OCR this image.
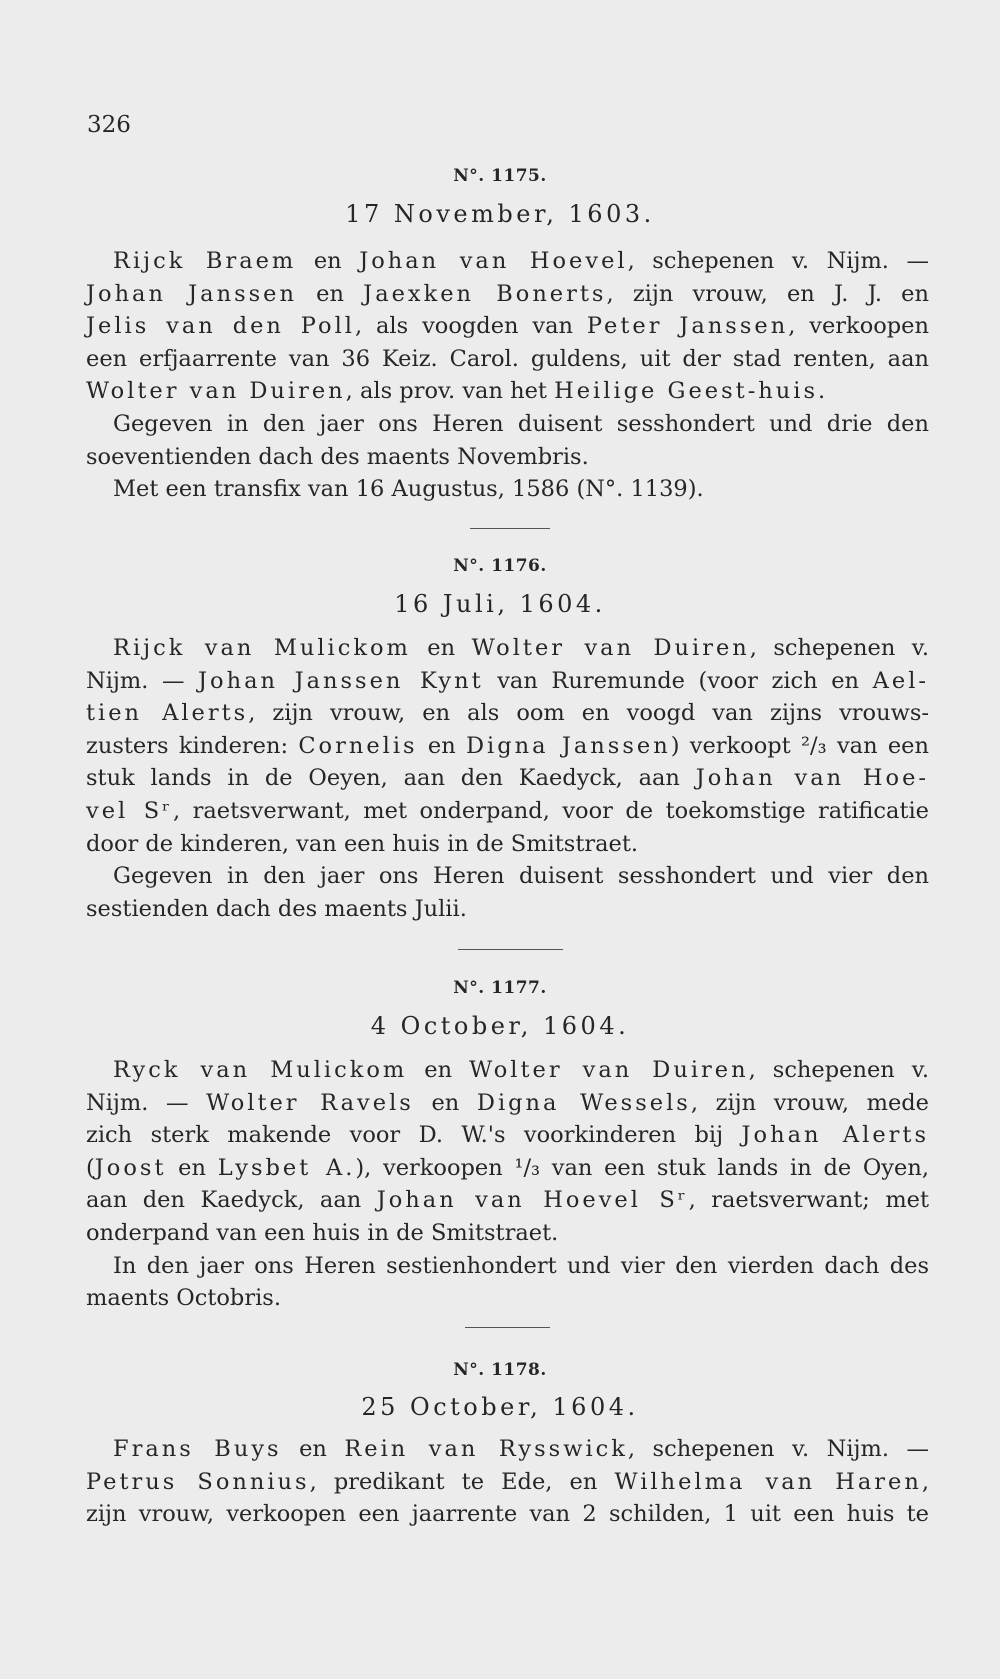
326
N°. 1175.
17 November, 1603.
Rijck Braem en Johan van Hoevel, schepenen v. Nijm. —
Johan Janssen en Jaexken Bonerts, zijn vrouw, en J. J. en
Jelis van den Poll, als voogden van Peter Janssen, verkoopen
een erfjaarrente van 36 Keiz. Carol. guldens, uit der stad renten, aan
Wolter van Duiren, als prov. van het Heilige Geest-huis.
Gegeven in den jaer ons Heren duisent sesshondert und drie den
soeventienden dach des maents Novembris.
Met een transfix van 16 Augustus, 1586 (N°. 1139).
N°. 1176.
16 Juli, 1604.
Rijck van Mulickom en Wolter van Duiren, schepenen v.
Nijm. — Johan Janssen Kynt van Ruremunde (voor zich en Ael-
tien Alerts, zijn vrouw, en als oom en voogd van zijns vrouws-
zusters kinderen: Cornelis en Digna Janssen) verkoopt ²/₃ van een
stuk lands in de Oeyen, aan den Kaedyck, aan Johan van Hoe-
vel Sʳ, raetsverwant, met onderpand, voor de toekomstige ratificatie
door de kinderen, van een huis in de Smitstraet.
Gegeven in den jaer ons Heren duisent sesshondert und vier den
sestienden dach des maents Julii.
N°. 1177.
4 October, 1604.
Ryck van Mulickom en Wolter van Duiren, schepenen v.
Nijm. — Wolter Ravels en Digna Wessels, zijn vrouw, mede
zich sterk makende voor D. W.'s voorkinderen bij Johan Alerts
(Joost en Lysbet A.), verkoopen ¹/₃ van een stuk lands in de Oyen,
aan den Kaedyck, aan Johan van Hoevel Sʳ, raetsverwant; met
onderpand van een huis in de Smitstraet.
In den jaer ons Heren sestienhondert und vier den vierden dach des
maents Octobris.
N°. 1178.
25 October, 1604.
Frans Buys en Rein van Rysswick, schepenen v. Nijm. —
Petrus Sonnius, predikant te Ede, en Wilhelma van Haren,
zijn vrouw, verkoopen een jaarrente van 2 schilden, 1 uit een huis te
